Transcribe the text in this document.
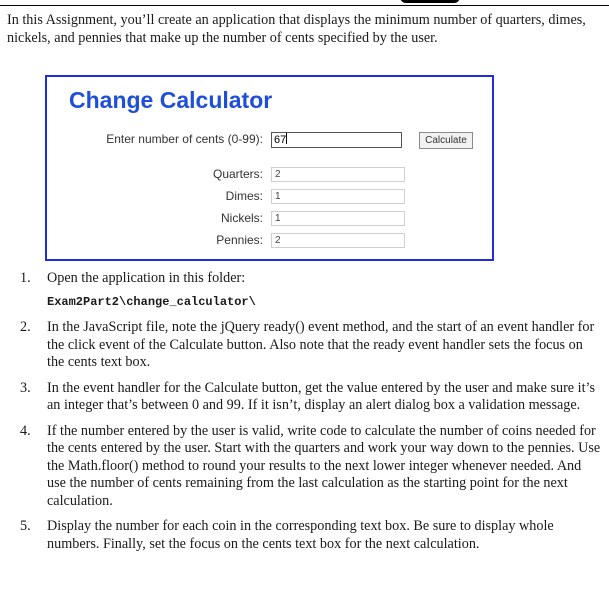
In this Assignment, you’ll create an application that displays the minimum number of quarters, dimes, nickels, and pennies that make up the number of cents specified by the user.

Change Calculator
Enter number of cents (0-99): 67	Calculate
Quarters:	2
Dimes:	1
Nickels:	1
Pennies:	2
1. Open the application in this folder:
Exam2Part2\change_calculator\
2. In the JavaScript file, note the jQuery ready() event method, and the start of an event handler for the click event of the Calculate button. Also note that the ready event handler sets the focus on the cents text box.
3. In the event handler for the Calculate button, get the value entered by the user and make sure it’s an integer that’s between 0 and 99. If it isn’t, display an alert dialog box a validation message.
4. If the number entered by the user is valid, write code to calculate the number of coins needed for the cents entered by the user. Start with the quarters and work your way down to the pennies. Use the Math.floor() method to round your results to the next lower integer whenever needed. And use the number of cents remaining from the last calculation as the starting point for the next calculation.
5. Display the number for each coin in the corresponding text box. Be sure to display whole numbers. Finally, set the focus on the cents text box for the next calculation.
